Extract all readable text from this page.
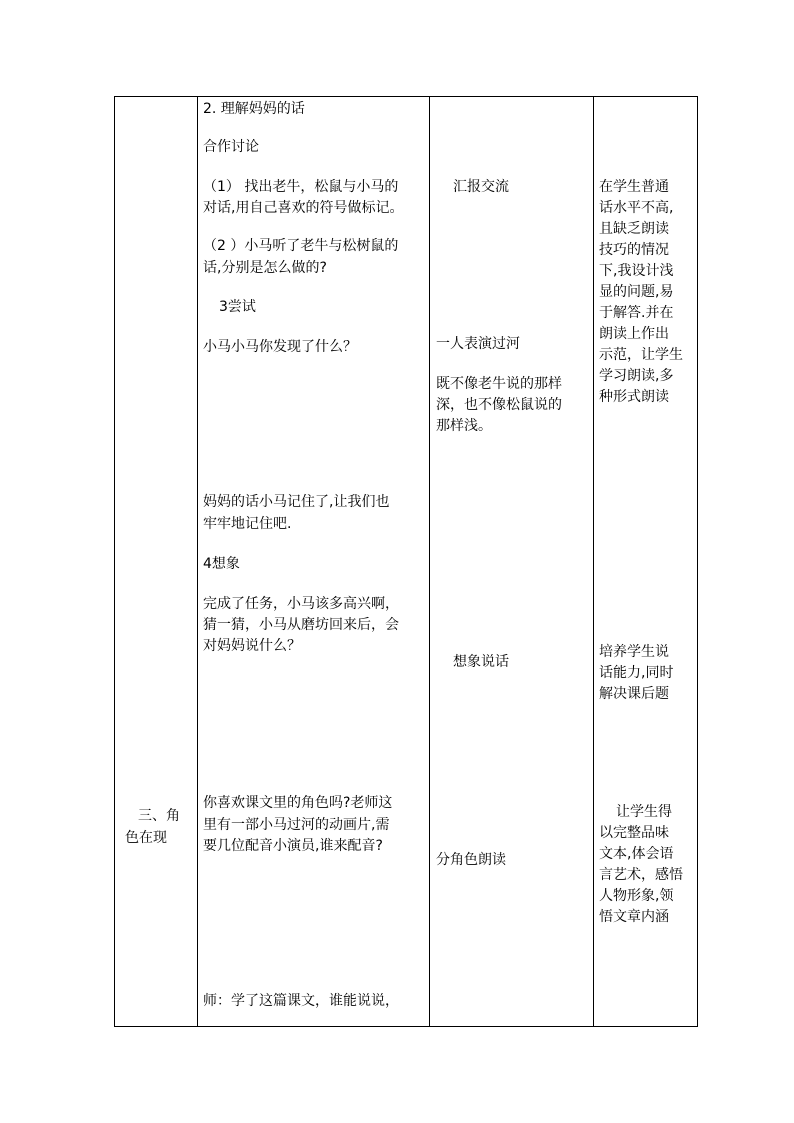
三、角
色在现
2. 理解妈妈的话
合作讨论
（1） 找出老牛，松鼠与小马的
对话,用自己喜欢的符号做标记。
（2 ）小马听了老牛与松树鼠的
话,分别是怎么做的?
3尝试
小马小马你发现了什么？
妈妈的话小马记住了,让我们也
牢牢地记住吧.
4想象
完成了任务，小马该多高兴啊，
猜一猜，小马从磨坊回来后，会
对妈妈说什么？
你喜欢课文里的角色吗?老师这
里有一部小马过河的动画片,需
要几位配音小演员,谁来配音?
师：学了这篇课文，谁能说说，
汇报交流
一人表演过河
既不像老牛说的那样
深，也不像松鼠说的
那样浅。
想象说话
分角色朗读
在学生普通
话水平不高,
且缺乏朗读
技巧的情况
下,我设计浅
显的问题,易
于解答.并在
朗读上作出
示范，让学生
学习朗读,多
种形式朗读
培养学生说
话能力,同时
解决课后题
让学生得
以完整品味
文本,体会语
言艺术，感悟
人物形象,领
悟文章内涵
